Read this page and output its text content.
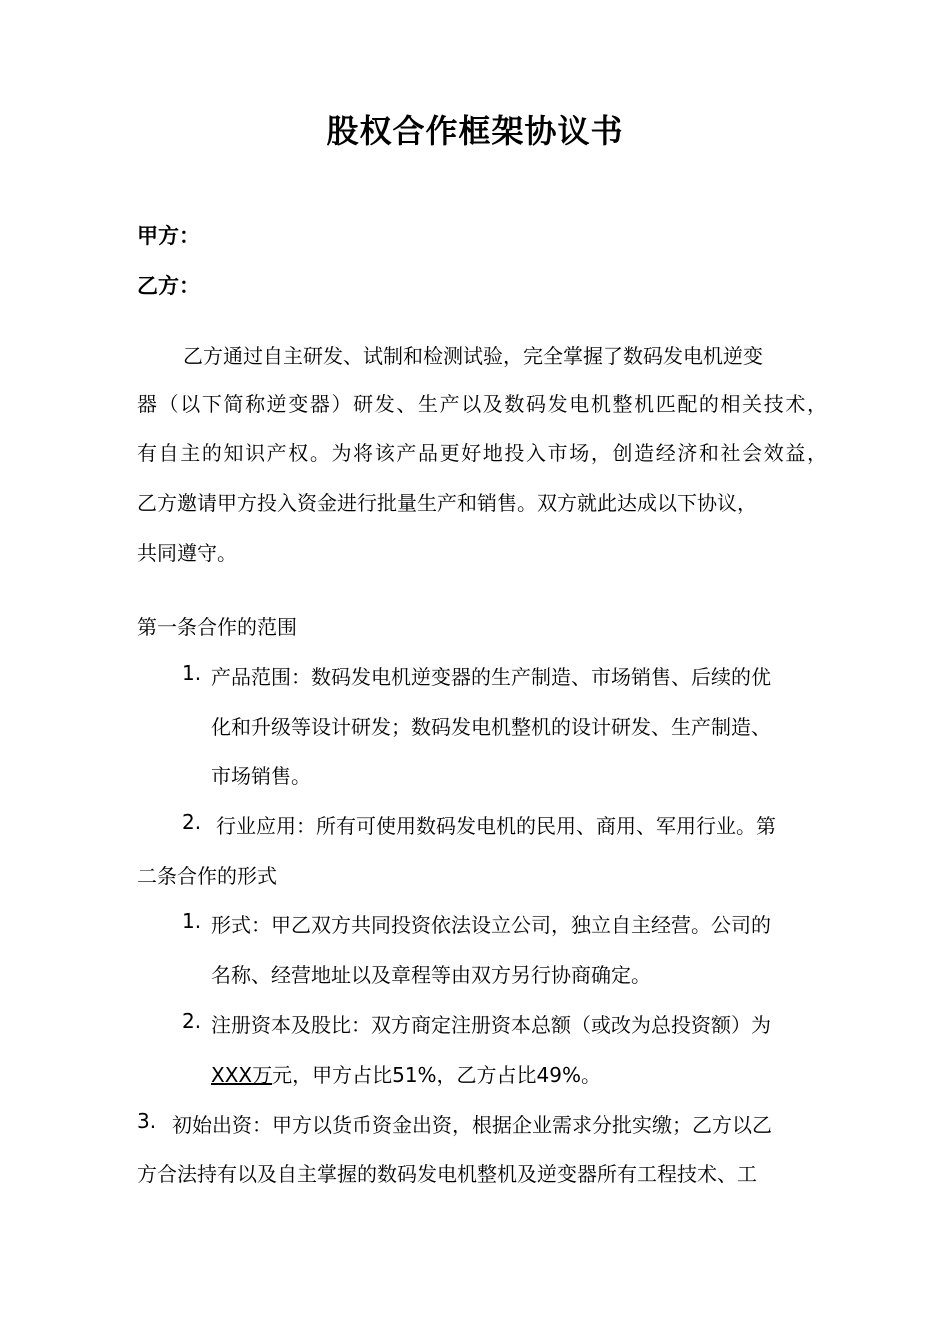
股权合作框架协议书
甲方：
乙方：
乙方通过自主研发、试制和检测试验，完全掌握了数码发电机逆变
器（以下简称逆变器）研发、生产以及数码发电机整机匹配的相关技术，
有自主的知识产权。为将该产品更好地投入市场，创造经济和社会效益，
乙方邀请甲方投入资金进行批量生产和销售。双方就此达成以下协议，
共同遵守。
第一条合作的范围
1. 产品范围：数码发电机逆变器的生产制造、市场销售、后续的优
化和升级等设计研发；数码发电机整机的设计研发、生产制造、
市场销售。
2. 行业应用：所有可使用数码发电机的民用、商用、军用行业。第
二条合作的形式
1. 形式：甲乙双方共同投资依法设立公司，独立自主经营。公司的
名称、经营地址以及章程等由双方另行协商确定。
2. 注册资本及股比：双方商定注册资本总额（或改为总投资额）为
XXX万元，甲方占比51%，乙方占比49%。
3. 初始出资：甲方以货币资金出资，根据企业需求分批实缴；乙方以乙
方合法持有以及自主掌握的数码发电机整机及逆变器所有工程技术、工
